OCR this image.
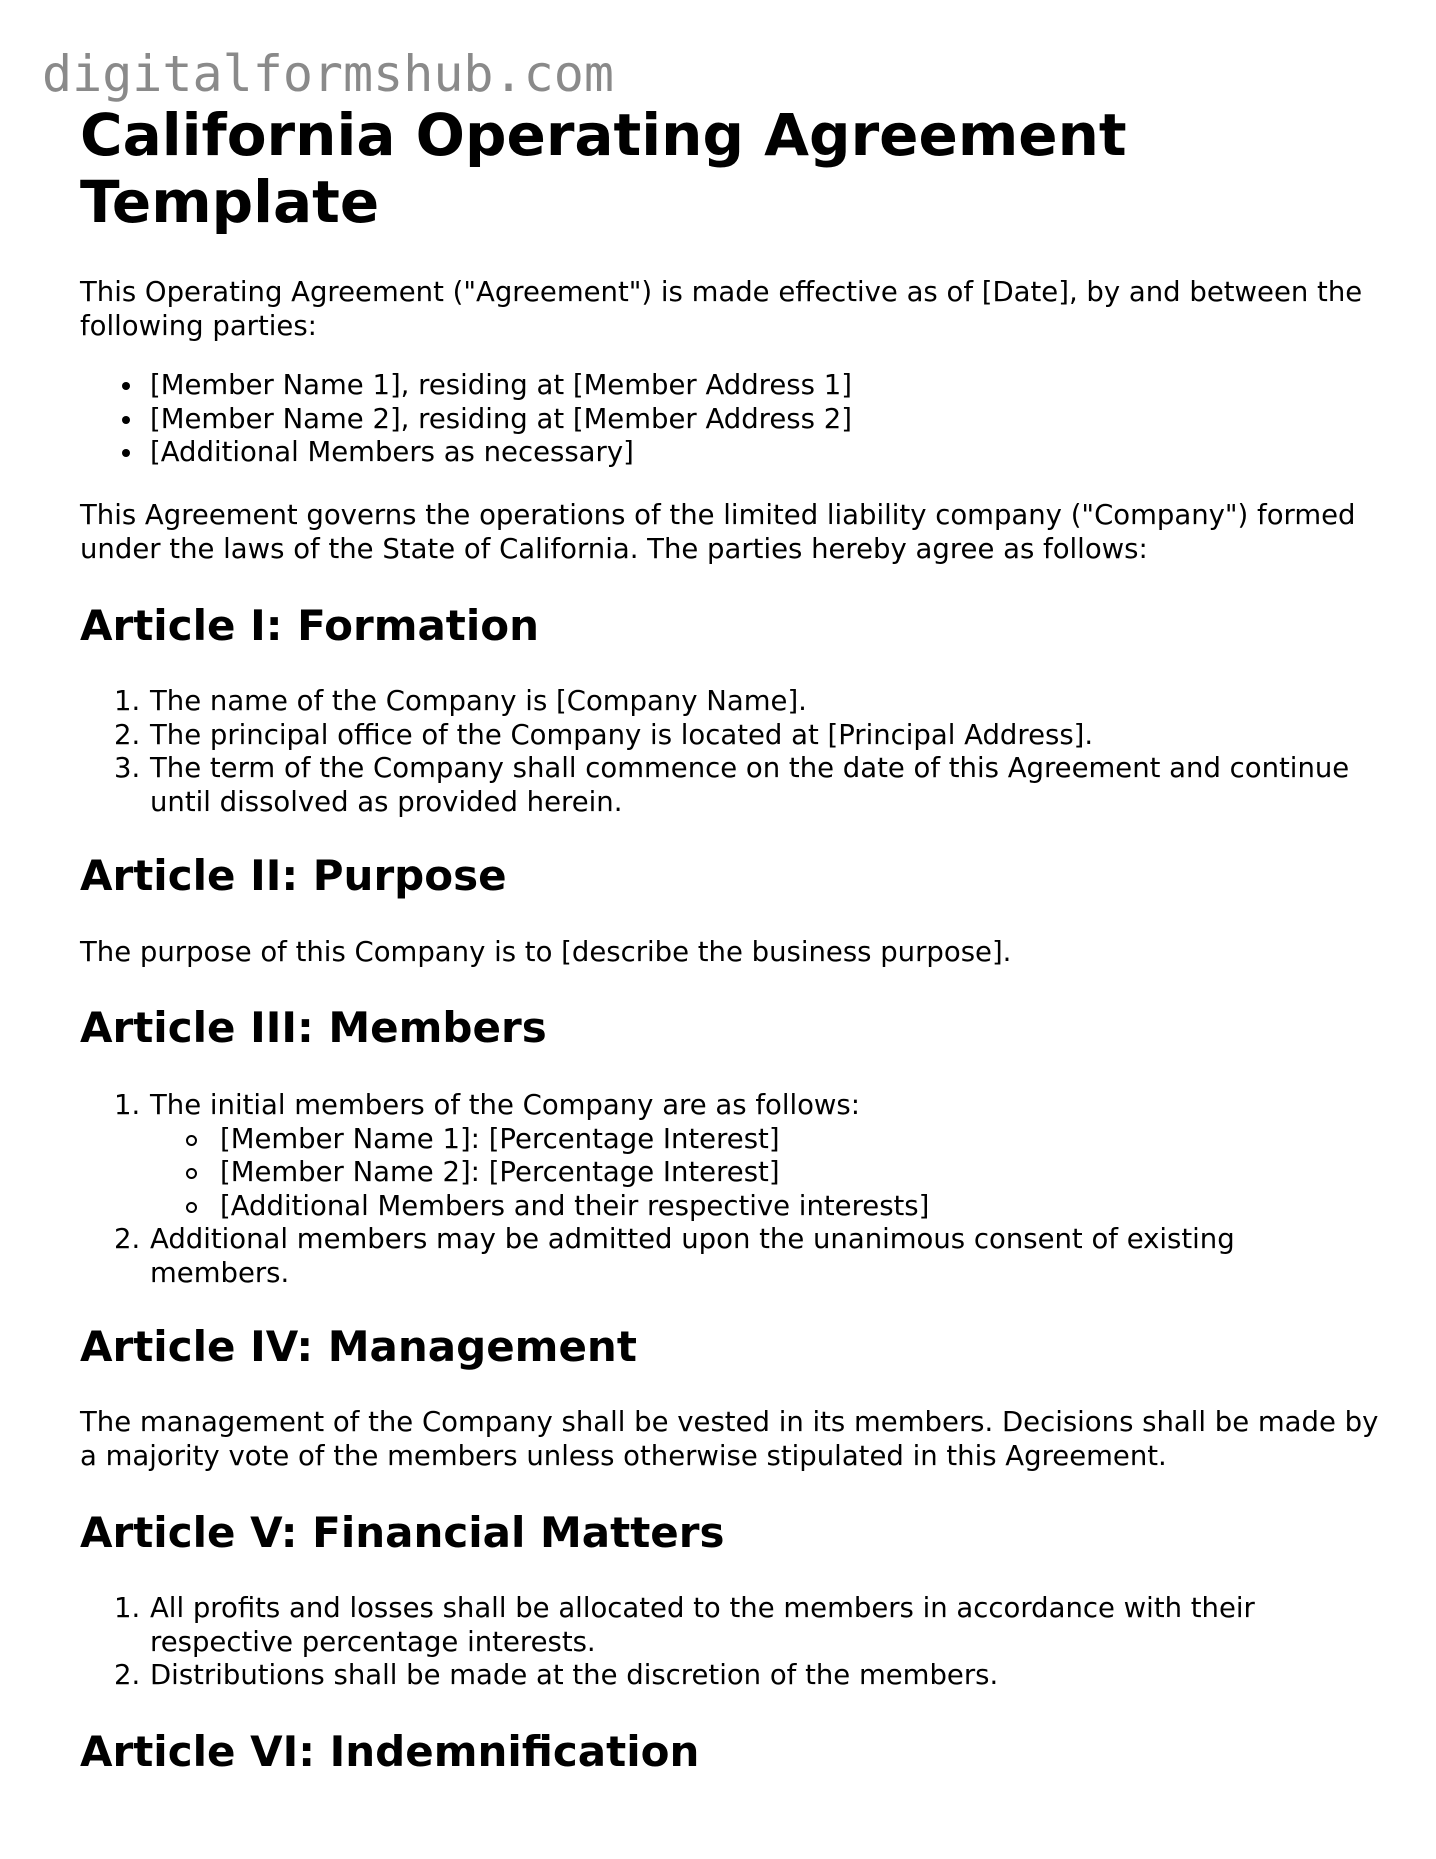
digitalformshub.com
California Operating Agreement Template

This Operating Agreement ("Agreement") is made effective as of [Date], by and between the following parties:

[Member Name 1], residing at [Member Address 1]
[Member Name 2], residing at [Member Address 2]
[Additional Members as necessary]

This Agreement governs the operations of the limited liability company ("Company") formed under the laws of the State of California. The parties hereby agree as follows:

Article I: Formation
1. The name of the Company is [Company Name].
2. The principal office of the Company is located at [Principal Address].
3. The term of the Company shall commence on the date of this Agreement and continue until dissolved as provided herein.
Article II: Purpose

The purpose of this Company is to [describe the business purpose].

Article III: Members
1. The initial members of the Company are as follows:
[Member Name 1]: [Percentage Interest]
[Member Name 2]: [Percentage Interest]
[Additional Members and their respective interests]
2. Additional members may be admitted upon the unanimous consent of existing members.
Article IV: Management

The management of the Company shall be vested in its members. Decisions shall be made by a majority vote of the members unless otherwise stipulated in this Agreement.

Article V: Financial Matters
1. All profits and losses shall be allocated to the members in accordance with their respective percentage interests.
2. Distributions shall be made at the discretion of the members.
Article VI: Indemnification
